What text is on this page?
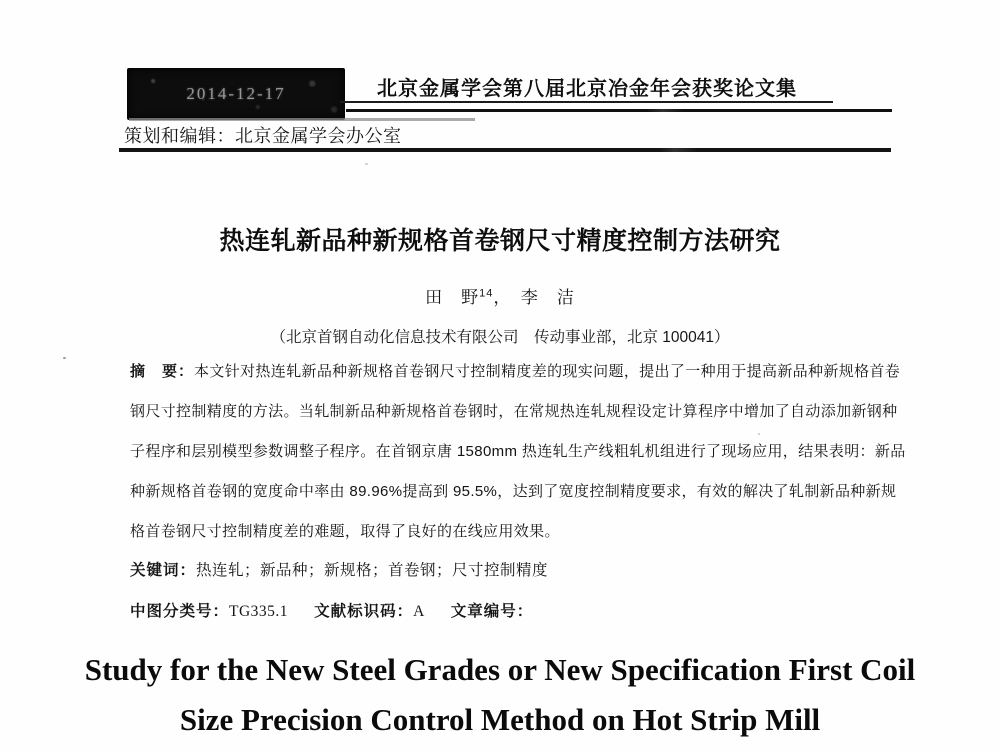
2014-12-17	北京金属学会第八届北京冶金年会获奖论文集
策划和编辑：北京金属学会办公室
热连轧新品种新规格首卷钢尺寸精度控制方法研究
田　野$^{14}$，　李　洁
（北京首钢自动化信息技术有限公司　传动事业部，北京 100041）
摘　要：本文针对热连轧新品种新规格首卷钢尺寸控制精度差的现实问题，提出了一种用于提高新品种新规格首卷
钢尺寸控制精度的方法。当轧制新品种新规格首卷钢时，在常规热连轧规程设定计算程序中增加了自动添加新钢种
子程序和层别模型参数调整子程序。在首钢京唐 1580mm 热连轧生产线粗轧机组进行了现场应用，结果表明：新品
种新规格首卷钢的宽度命中率由 89.96%提高到 95.5%，达到了宽度控制精度要求，有效的解决了轧制新品种新规
格首卷钢尺寸控制精度差的难题，取得了良好的在线应用效果。
关键词：热连轧；新品种；新规格；首卷钢；尺寸控制精度
中图分类号：TG335.1 文献标识码：A 文章编号：
Study for the New Steel Grades or New Specification First Coil
Size Precision Control Method on Hot Strip Mill
